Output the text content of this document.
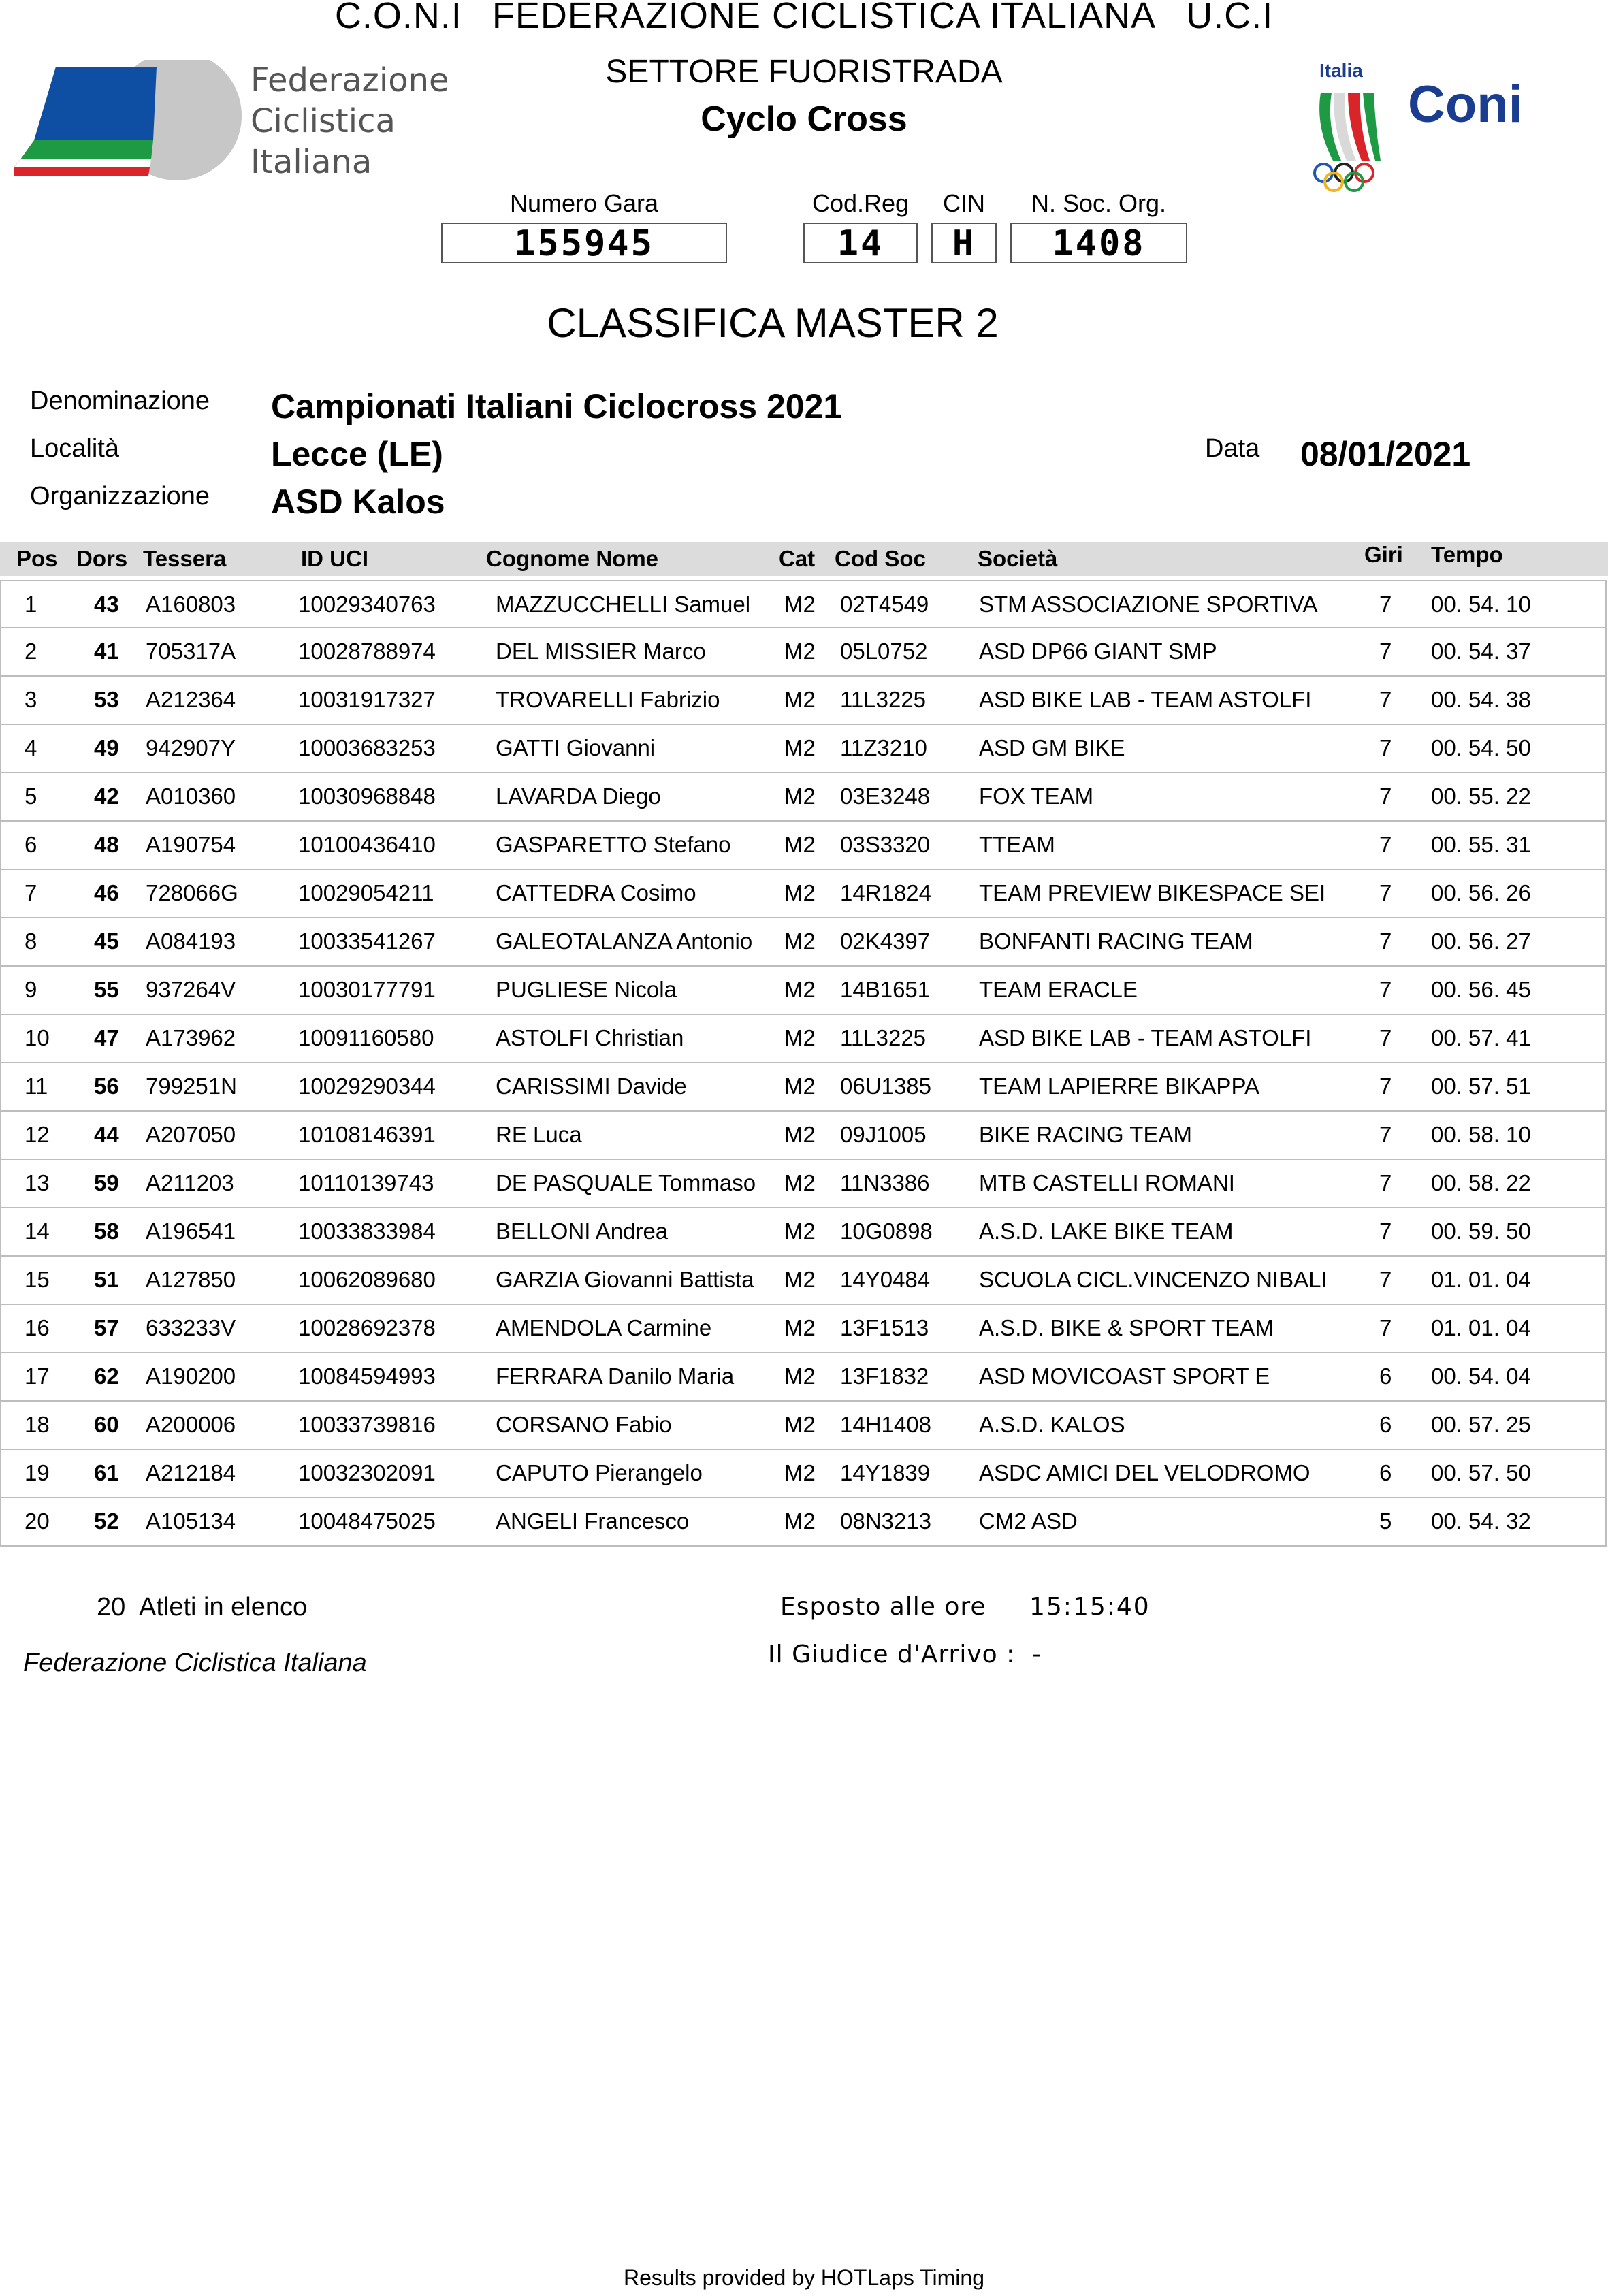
C.O.N.I FEDERAZIONE CICLISTICA ITALIANA U.C.I
SETTORE FUORISTRADA
Cyclo Cross
Federazione
Ciclistica
Italiana
Italia
Coni
Numero Gara
155945
Cod.Reg
14
CIN
H
N. Soc. Org.
1408
CLASSIFICA MASTER 2
Denominazione Campionati Italiani Ciclocross 2021
Località	Lecce (LE)
Organizzazione ASD Kalos
Data 08/01/2021
Pos Dors Tessera	ID UCI	Cognome Nome	Cat Cod Soc Società	Giri Tempo
1	43 A160803	10029340763	MAZZUCCHELLI Samuel M2 02T4549 STM ASSOCIAZIONE SPORTIVA	7 00. 54. 10
2	41 705317A	10028788974	DEL MISSIER Marco	M2 05L0752 ASD DP66 GIANT SMP	7 00. 54. 37
3	53 A212364	10031917327	TROVARELLI Fabrizio	M2 11L3225 ASD BIKE LAB - TEAM ASTOLFI	7 00. 54. 38
4	49 942907Y	10003683253	GATTI Giovanni	M2 11Z3210 ASD GM BIKE	7 00. 54. 50
5	42 A010360	10030968848	LAVARDA Diego	M2 03E3248 FOX TEAM	7 00. 55. 22
6	48 A190754	10100436410	GASPARETTO Stefano M2 03S3320 TTEAM	7 00. 55. 31
7	46 728066G	10029054211	CATTEDRA Cosimo	M2 14R1824 TEAM PREVIEW BIKESPACE SEI 7 00. 56. 26
8	45 A084193	10033541267	GALEOTALANZA Antonio M2 02K4397 BONFANTI RACING TEAM	7 00. 56. 27
9	55 937264V	10030177791	PUGLIESE Nicola	M2 14B1651 TEAM ERACLE	7 00. 56. 45
10 47 A173962	10091160580	ASTOLFI Christian	M2 11L3225 ASD BIKE LAB - TEAM ASTOLFI	7 00. 57. 41
11 56 799251N	10029290344	CARISSIMI Davide	M2 06U1385 TEAM LAPIERRE BIKAPPA	7 00. 57. 51
12 44 A207050	10108146391	RE Luca	M2 09J1005 BIKE RACING TEAM	7 00. 58. 10
13 59 A211203	10110139743	DE PASQUALE Tommaso M2 11N3386 MTB CASTELLI ROMANI	7 00. 58. 22
14 58 A196541	10033833984	BELLONI Andrea	M2 10G0898 A.S.D. LAKE BIKE TEAM	7 00. 59. 50
15 51 A127850	10062089680	GARZIA Giovanni Battista M2 14Y0484 SCUOLA CICL.VINCENZO NIBALI 7 01. 01. 04
16 57 633233V	10028692378	AMENDOLA Carmine	M2 13F1513 A.S.D. BIKE & SPORT TEAM	7 01. 01. 04
17 62 A190200	10084594993	FERRARA Danilo Maria M2 13F1832 ASD MOVICOAST SPORT E	6 00. 54. 04
18 60 A200006	10033739816	CORSANO Fabio	M2 14H1408 A.S.D. KALOS	6 00. 57. 25
19 61 A212184	10032302091	CAPUTO Pierangelo	M2 14Y1839 ASDC AMICI DEL VELODROMO	6 00. 57. 50
20 52 A105134	10048475025	ANGELI Francesco	M2 08N3213 CM2 ASD	5 00. 54. 32
20 Atleti in elenco
Federazione Ciclistica Italiana
Esposto alle ore 15:15:40
Il Giudice d'Arrivo :  -
Results provided by HOTLaps Timing
